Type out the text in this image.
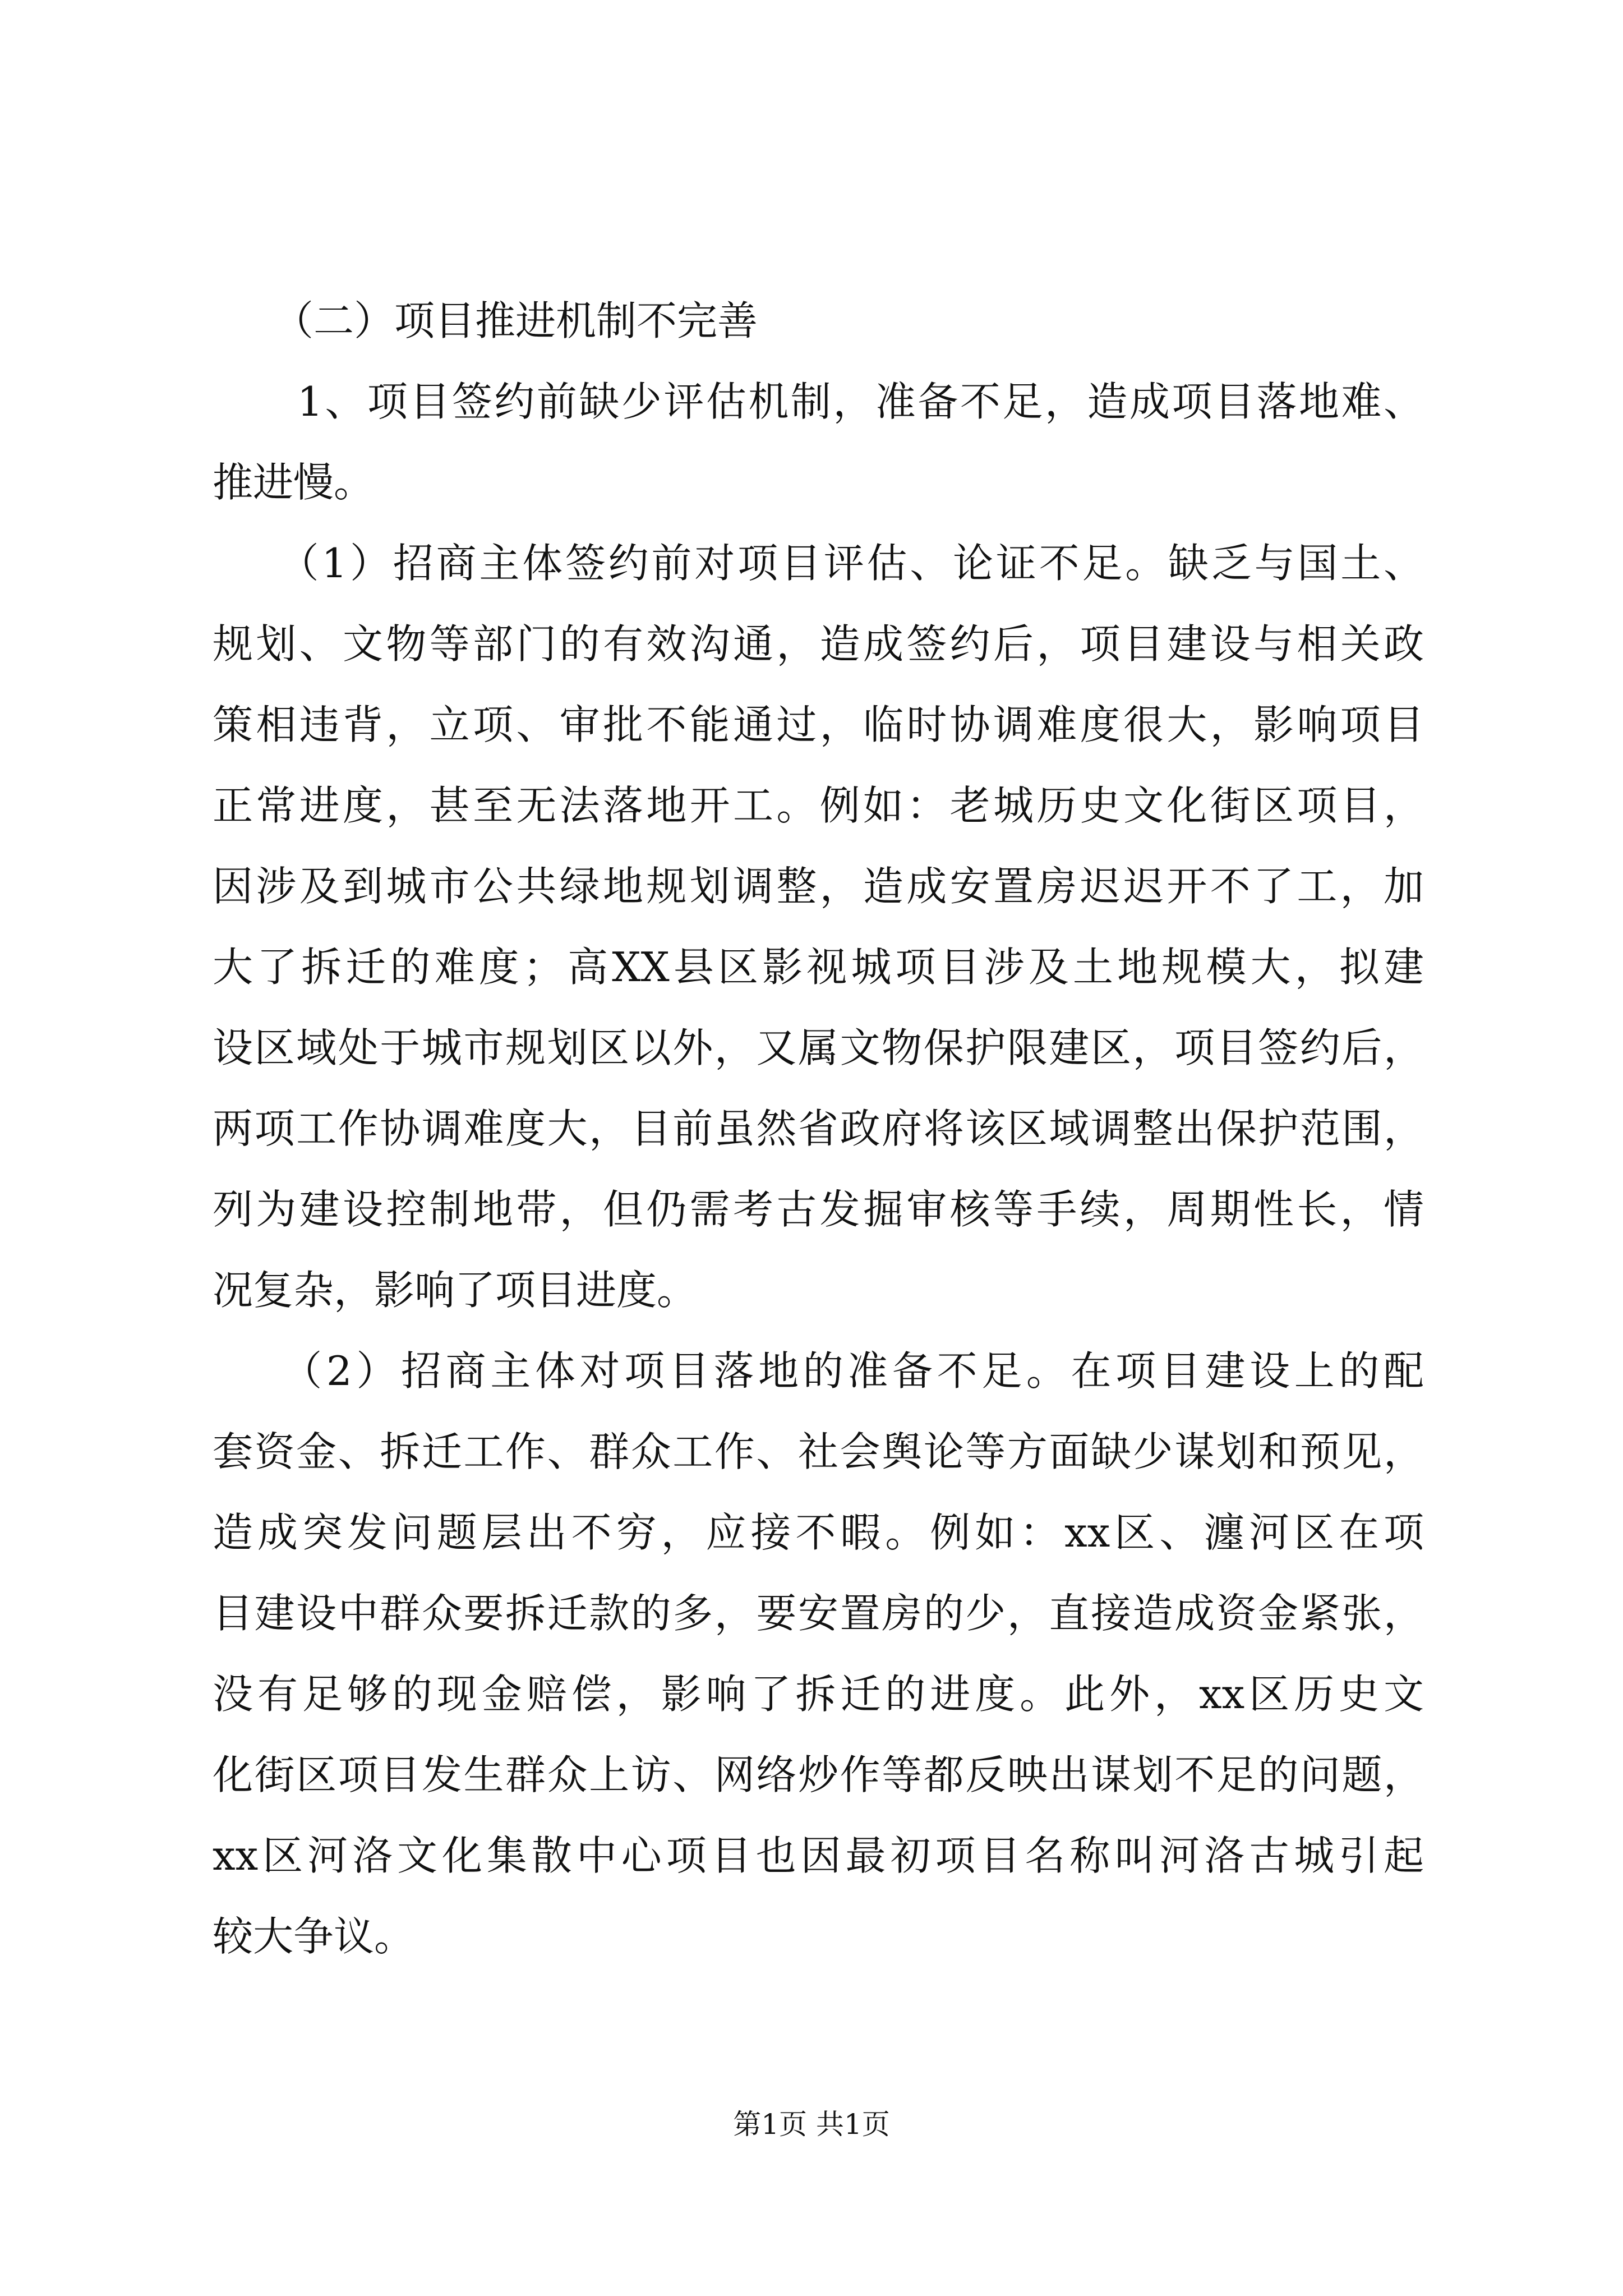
　　（二）项目推进机制不完善
　　1、项目签约前缺少评估机制，准备不足，造成项目落地难、
推进慢。
　　（1）招商主体签约前对项目评估、论证不足。缺乏与国土、
规划、文物等部门的有效沟通，造成签约后，项目建设与相关政
策相违背，立项、审批不能通过，临时协调难度很大，影响项目
正常进度，甚至无法落地开工。例如：老城历史文化街区项目，
因涉及到城市公共绿地规划调整，造成安置房迟迟开不了工，加
大了拆迁的难度；高XX县区影视城项目涉及土地规模大，拟建
设区域处于城市规划区以外，又属文物保护限建区，项目签约后，
两项工作协调难度大，目前虽然省政府将该区域调整出保护范围，
列为建设控制地带，但仍需考古发掘审核等手续，周期性长，情
况复杂，影响了项目进度。
　　（2）招商主体对项目落地的准备不足。在项目建设上的配
套资金、拆迁工作、群众工作、社会舆论等方面缺少谋划和预见，
造成突发问题层出不穷，应接不暇。例如：xx区、瀍河区在项
目建设中群众要拆迁款的多，要安置房的少，直接造成资金紧张，
没有足够的现金赔偿，影响了拆迁的进度。此外，xx区历史文
化街区项目发生群众上访、网络炒作等都反映出谋划不足的问题，
xx区河洛文化集散中心项目也因最初项目名称叫河洛古城引起
较大争议。
第1页 共1页
